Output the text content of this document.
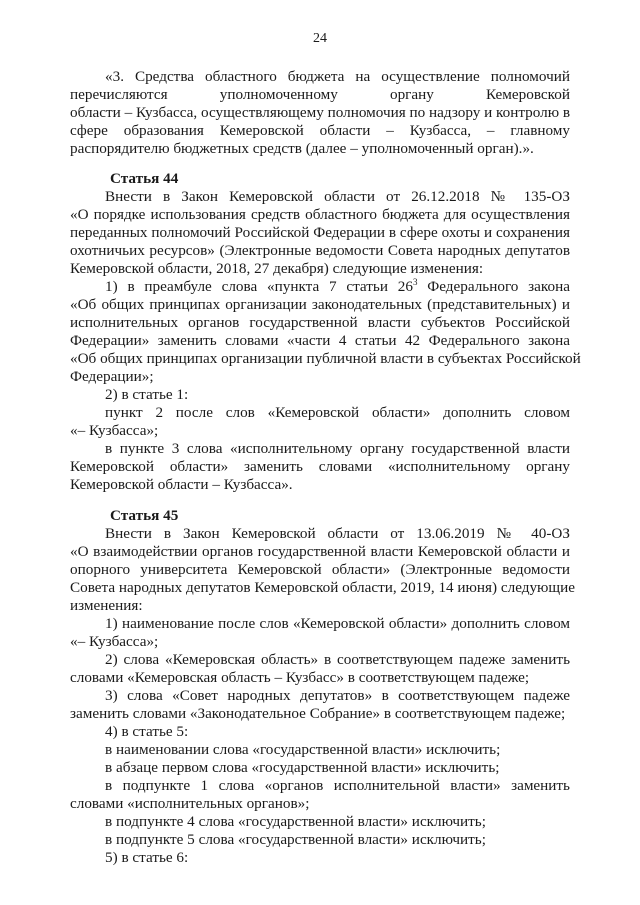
24
«3. Средства областного бюджета на осуществление полномочий
перечисляются уполномоченному органу Кемеровской
области – Кузбасса, осуществляющему полномочия по надзору и контролю в
сфере образования Кемеровской области – Кузбасса, – главному
распорядителю бюджетных средств (далее – уполномоченный орган).».
Статья 44
Внести в Закон Кемеровской области от 26.12.2018 № 135-ОЗ
«О порядке использования средств областного бюджета для осуществления
переданных полномочий Российской Федерации в сфере охоты и сохранения
охотничьих ресурсов» (Электронные ведомости Совета народных депутатов
Кемеровской области, 2018, 27 декабря) следующие изменения:
1) в преамбуле слова «пункта 7 статьи $26^3$ Федерального закона
«Об общих принципах организации законодательных (представительных) и
исполнительных органов государственной власти субъектов Российской
Федерации» заменить словами «части 4 статьи 42 Федерального закона
«Об общих принципах организации публичной власти в субъектах Российской
Федерации»;
2) в статье 1:
пункт 2 после слов «Кемеровской области» дополнить словом
«– Кузбасса»;
в пункте 3 слова «исполнительному органу государственной власти
Кемеровской области» заменить словами «исполнительному органу
Кемеровской области – Кузбасса».
Статья 45
Внести в Закон Кемеровской области от 13.06.2019 № 40-ОЗ
«О взаимодействии органов государственной власти Кемеровской области и
опорного университета Кемеровской области» (Электронные ведомости
Совета народных депутатов Кемеровской области, 2019, 14 июня) следующие
изменения:
1) наименование после слов «Кемеровской области» дополнить словом
«– Кузбасса»;
2) слова «Кемеровская область» в соответствующем падеже заменить
словами «Кемеровская область – Кузбасс» в соответствующем падеже;
3) слова «Совет народных депутатов» в соответствующем падеже
заменить словами «Законодательное Собрание» в соответствующем падеже;
4) в статье 5:
в наименовании слова «государственной власти» исключить;
в абзаце первом слова «государственной власти» исключить;
в подпункте 1 слова «органов исполнительной власти» заменить
словами «исполнительных органов»;
в подпункте 4 слова «государственной власти» исключить;
в подпункте 5 слова «государственной власти» исключить;
5) в статье 6:
